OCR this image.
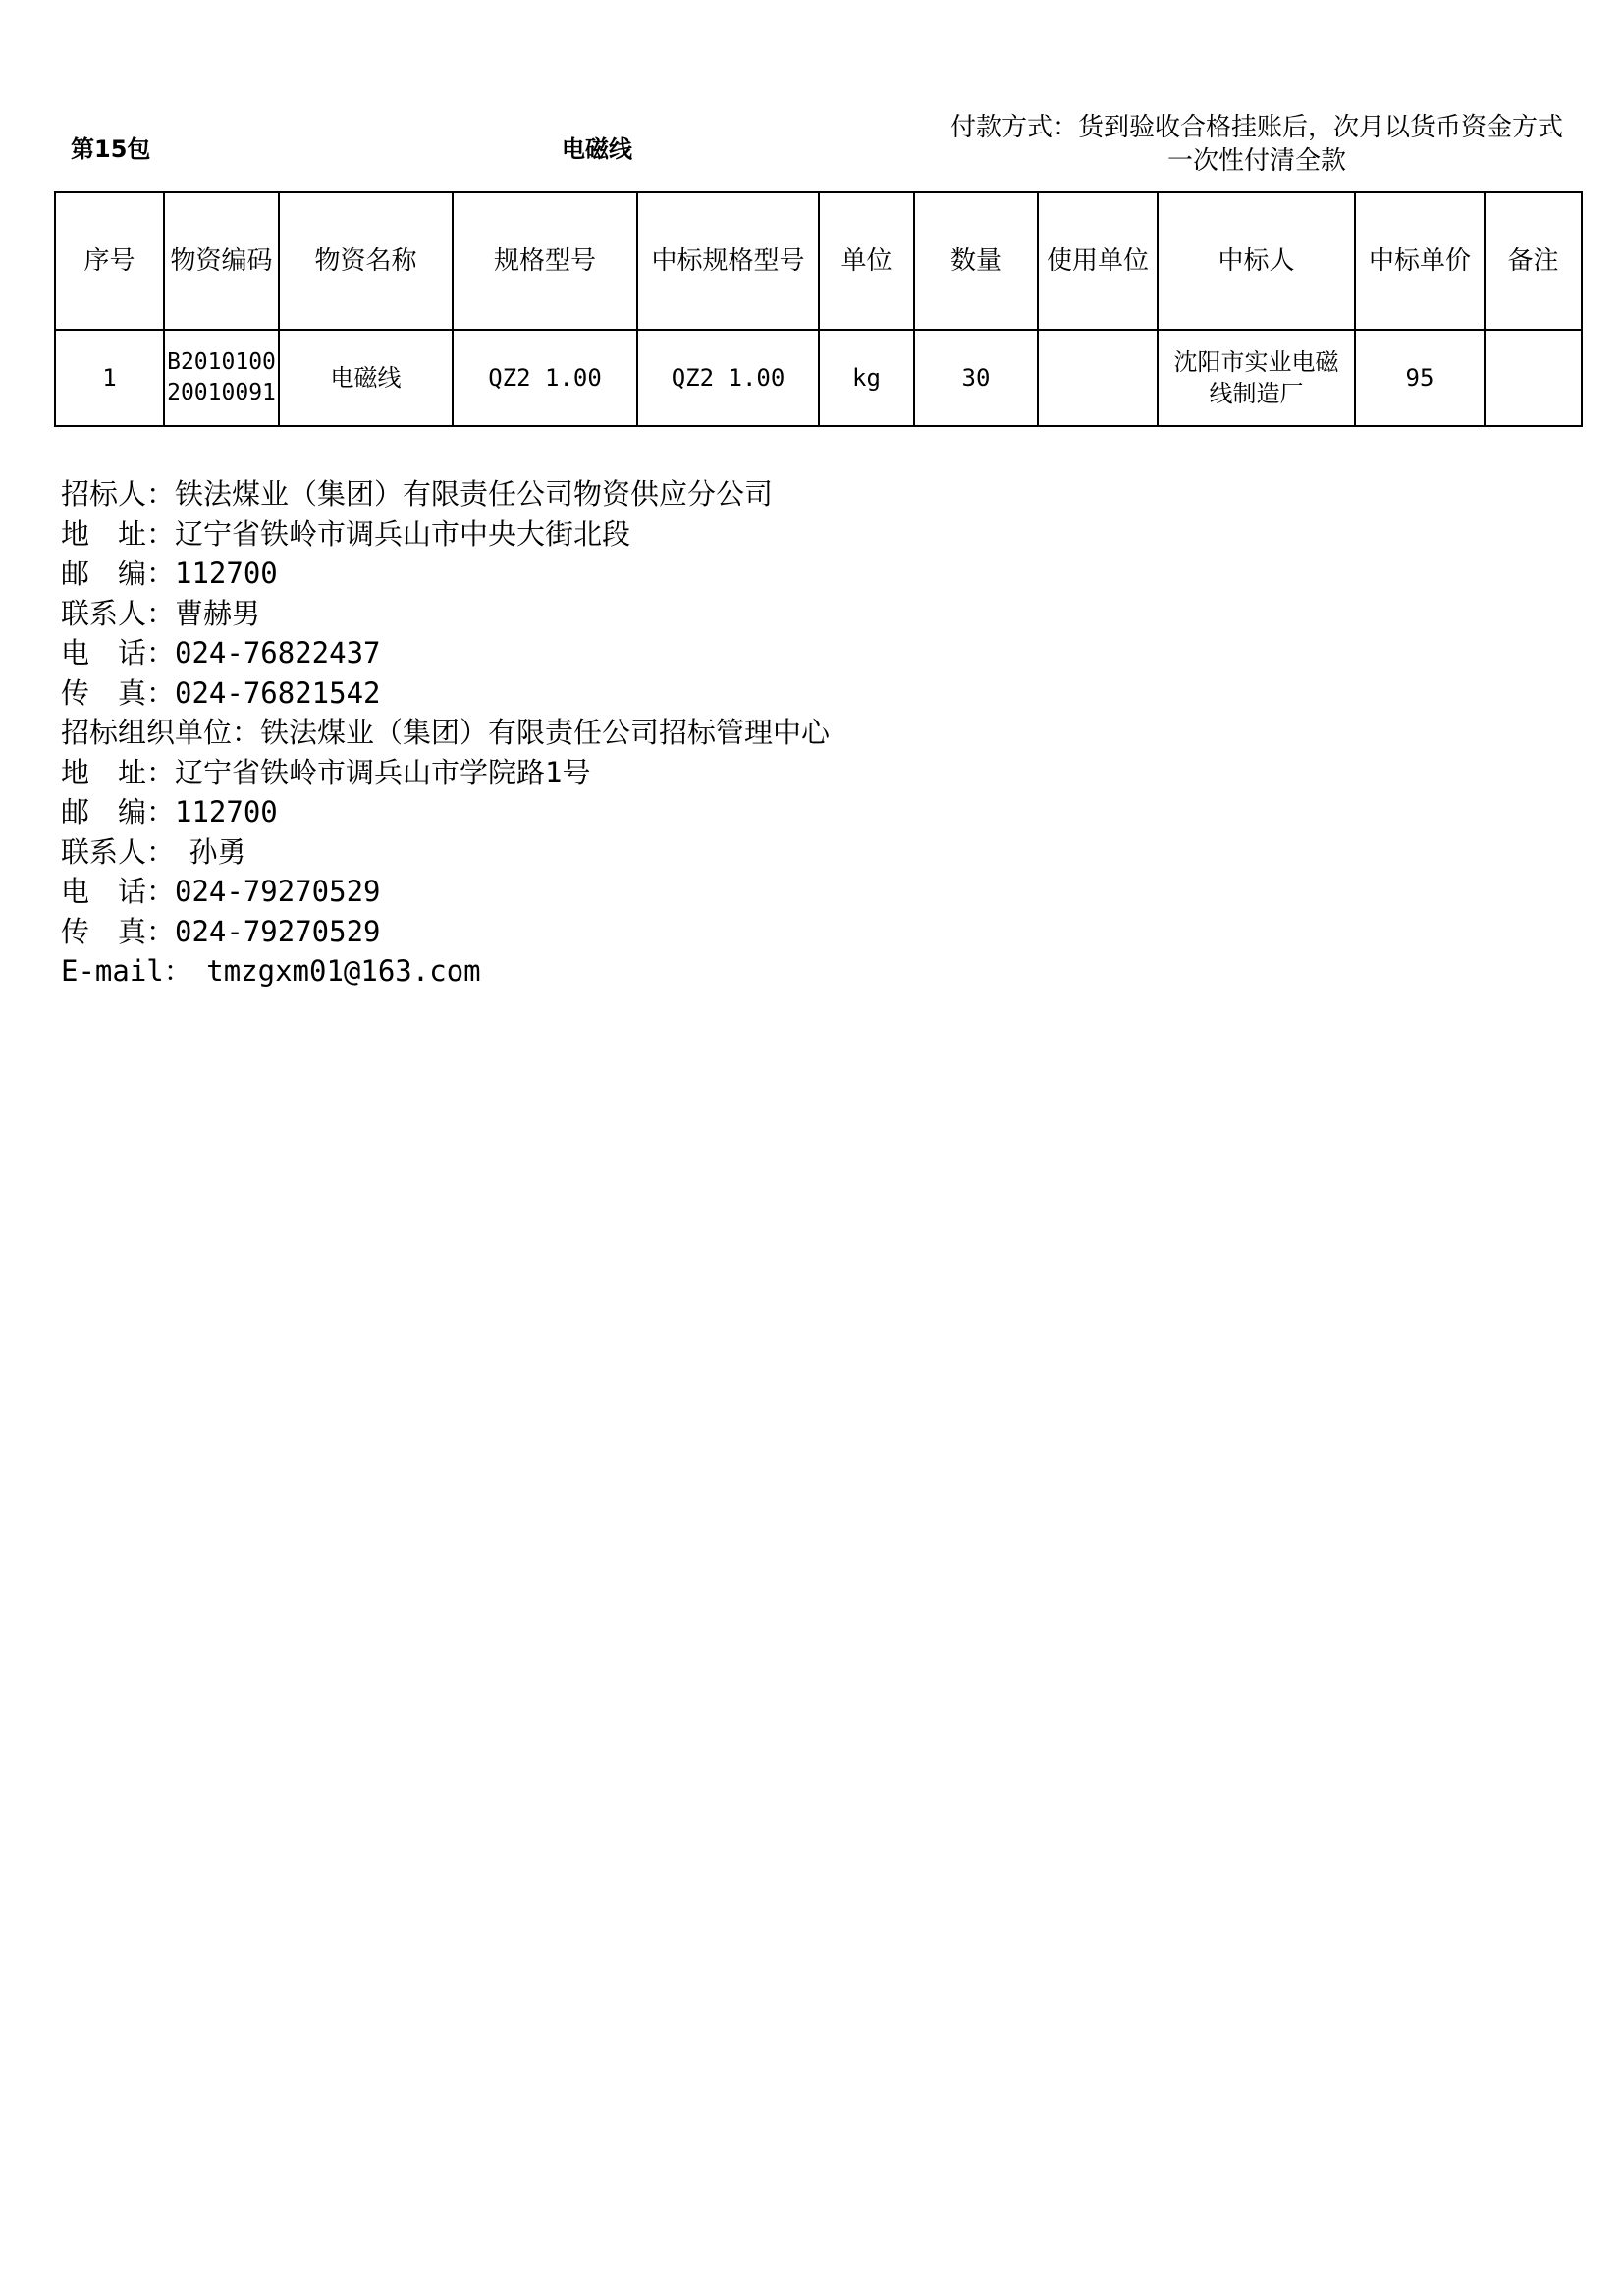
第15包	电磁线
付款方式：货到验收合格挂账后，次月以货币资金方式
一次性付清全款
序号	物资编码	物资名称	规格型号	中标规格型号	单位	数量	使用单位	中标人	中标单价	备注
1	B201010020010091	电磁线	QZ2 1.00	QZ2 1.00	kg	30		沈阳市实业电磁线制造厂	95	
招标人：铁法煤业（集团）有限责任公司物资供应分公司
地　址：辽宁省铁岭市调兵山市中央大街北段
邮　编：112700
联系人：曹赫男
电　话：024-76822437
传　真：024-76821542
招标组织单位：铁法煤业（集团）有限责任公司招标管理中心
地　址：辽宁省铁岭市调兵山市学院路1号
邮　编：112700
联系人：　孙勇
电　话：024-79270529
传　真：024-79270529
E-mail：　tmzgxm01@163.com
